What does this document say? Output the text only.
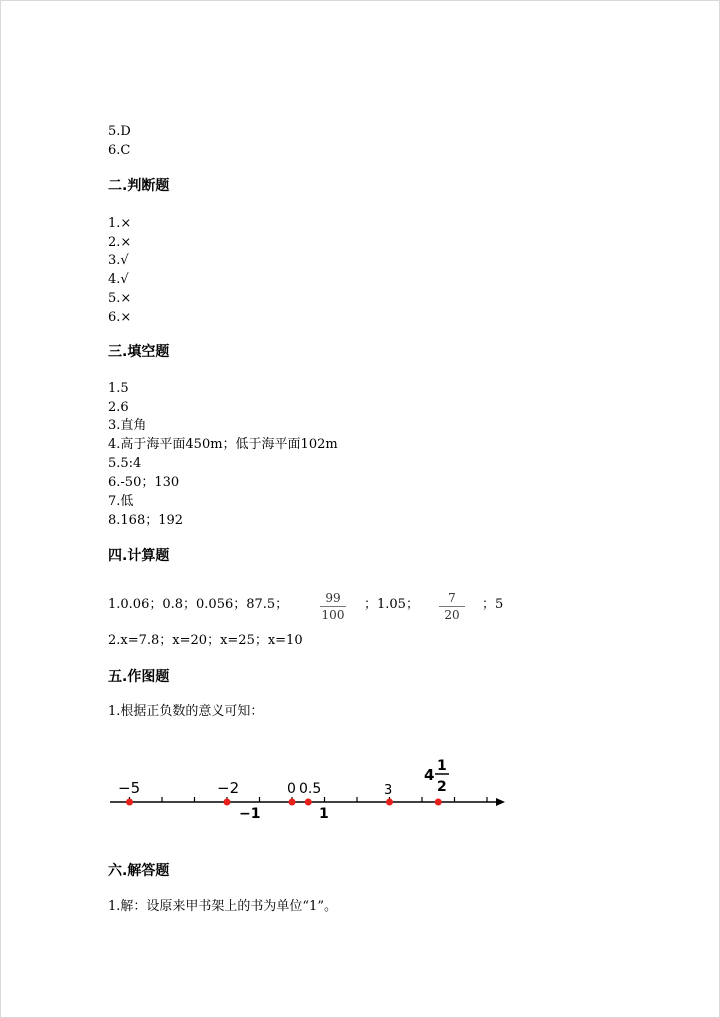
5.D
6.C
二.判断题
1.×
2.×
3.√
4.√
5.×
6.×
三.填空题
1.5
2.6
3.直角
4.高于海平面450m；低于海平面102m
5.5:4
6.-50；130
7.低
8.168；192
四.计算题
1.0.06；0.8；0.056；87.5；	99
100
；1.05；	7
20
；5
2.x=7.8；x=20；x=25；x=10
五.作图题
1.根据正负数的意义可知：
−5	−2	0 0.5	3
−1	1
4 1
2
六.解答题
1.解：设原来甲书架上的书为单位“1”。
